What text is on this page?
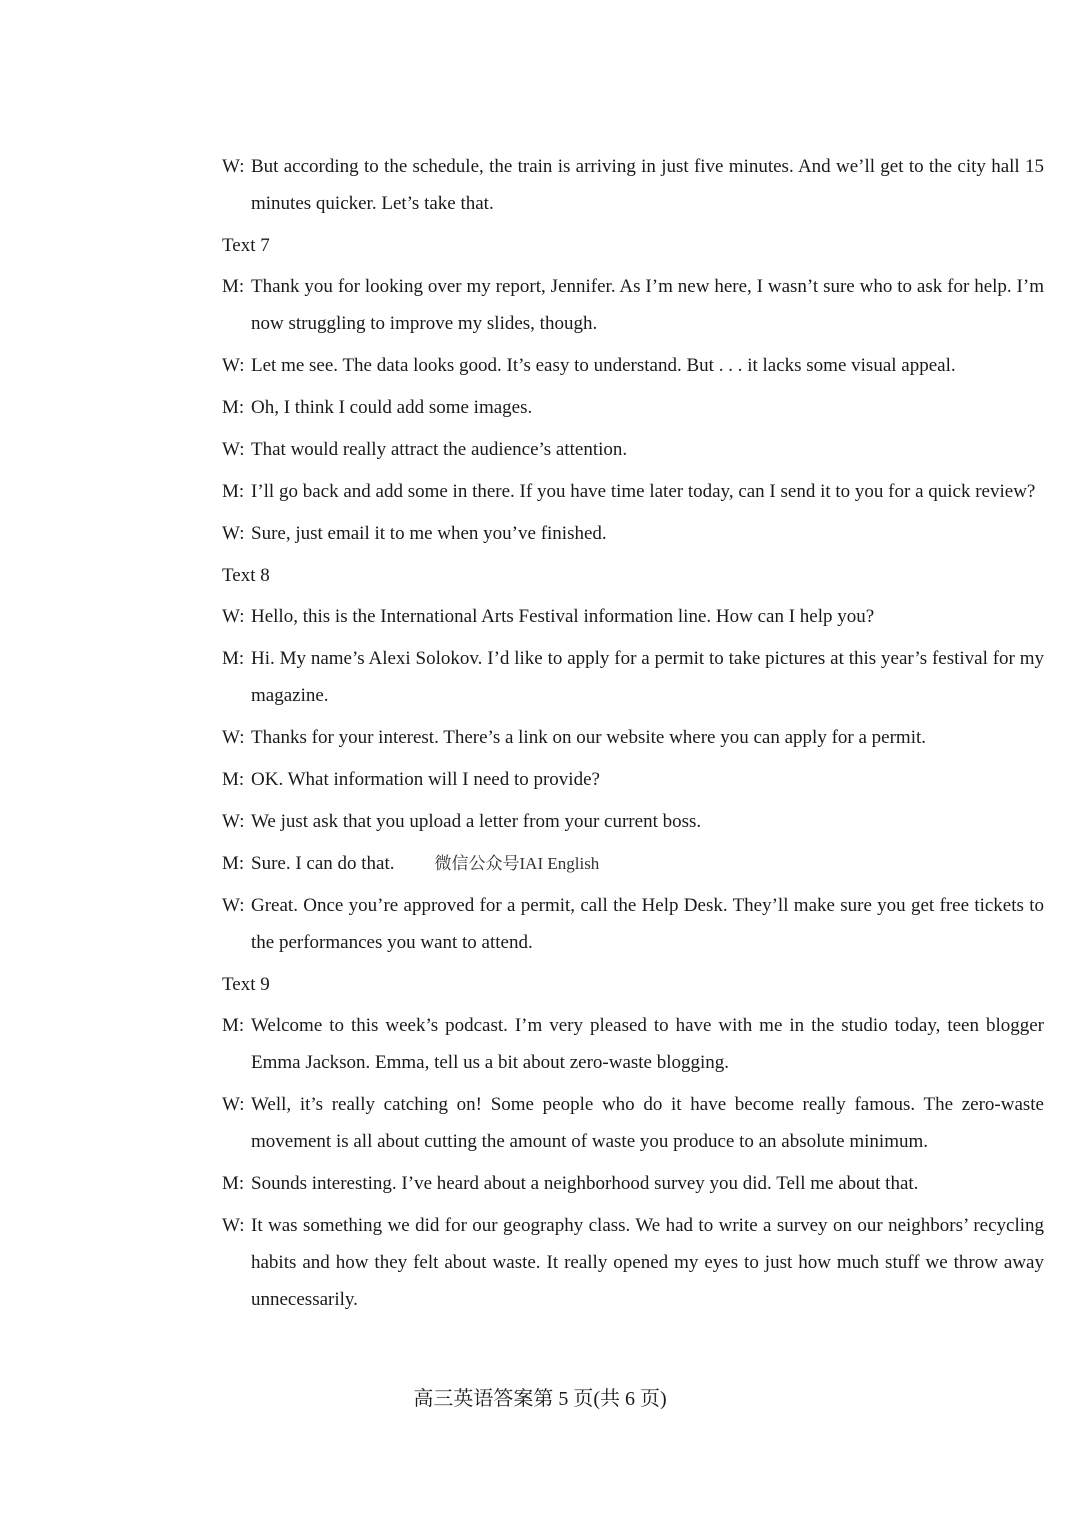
W: But according to the schedule, the train is arriving in just five minutes. And we’ll get to the city hall 15 minutes quicker. Let’s take that.
Text 7
M: Thank you for looking over my report, Jennifer. As I’m new here, I wasn’t sure who to ask for help. I’m now struggling to improve my slides, though.
W: Let me see. The data looks good. It’s easy to understand. But . . . it lacks some visual appeal.
M: Oh, I think I could add some images.
W: That would really attract the audience’s attention.
M: I’ll go back and add some in there. If you have time later today, can I send it to you for a quick review?
W: Sure, just email it to me when you’ve finished.
Text 8
W: Hello, this is the International Arts Festival information line. How can I help you?
M: Hi. My name’s Alexi Solokov. I’d like to apply for a permit to take pictures at this year’s festival for my magazine.
W: Thanks for your interest. There’s a link on our website where you can apply for a permit.
M: OK. What information will I need to provide?
W: We just ask that you upload a letter from your current boss.
M: Sure. I can do that. 微信公众号IAI English
W: Great. Once you’re approved for a permit, call the Help Desk. They’ll make sure you get free tickets to the performances you want to attend.
Text 9
M: Welcome to this week’s podcast. I’m very pleased to have with me in the studio today, teen blogger Emma Jackson. Emma, tell us a bit about zero-waste blogging.
W: Well, it’s really catching on! Some people who do it have become really famous. The zero-waste movement is all about cutting the amount of waste you produce to an absolute minimum.
M: Sounds interesting. I’ve heard about a neighborhood survey you did. Tell me about that.
W: It was something we did for our geography class. We had to write a survey on our neighbors’ recycling habits and how they felt about waste. It really opened my eyes to just how much stuff we throw away unnecessarily.
高三英语答案第 5 页(共 6 页)
